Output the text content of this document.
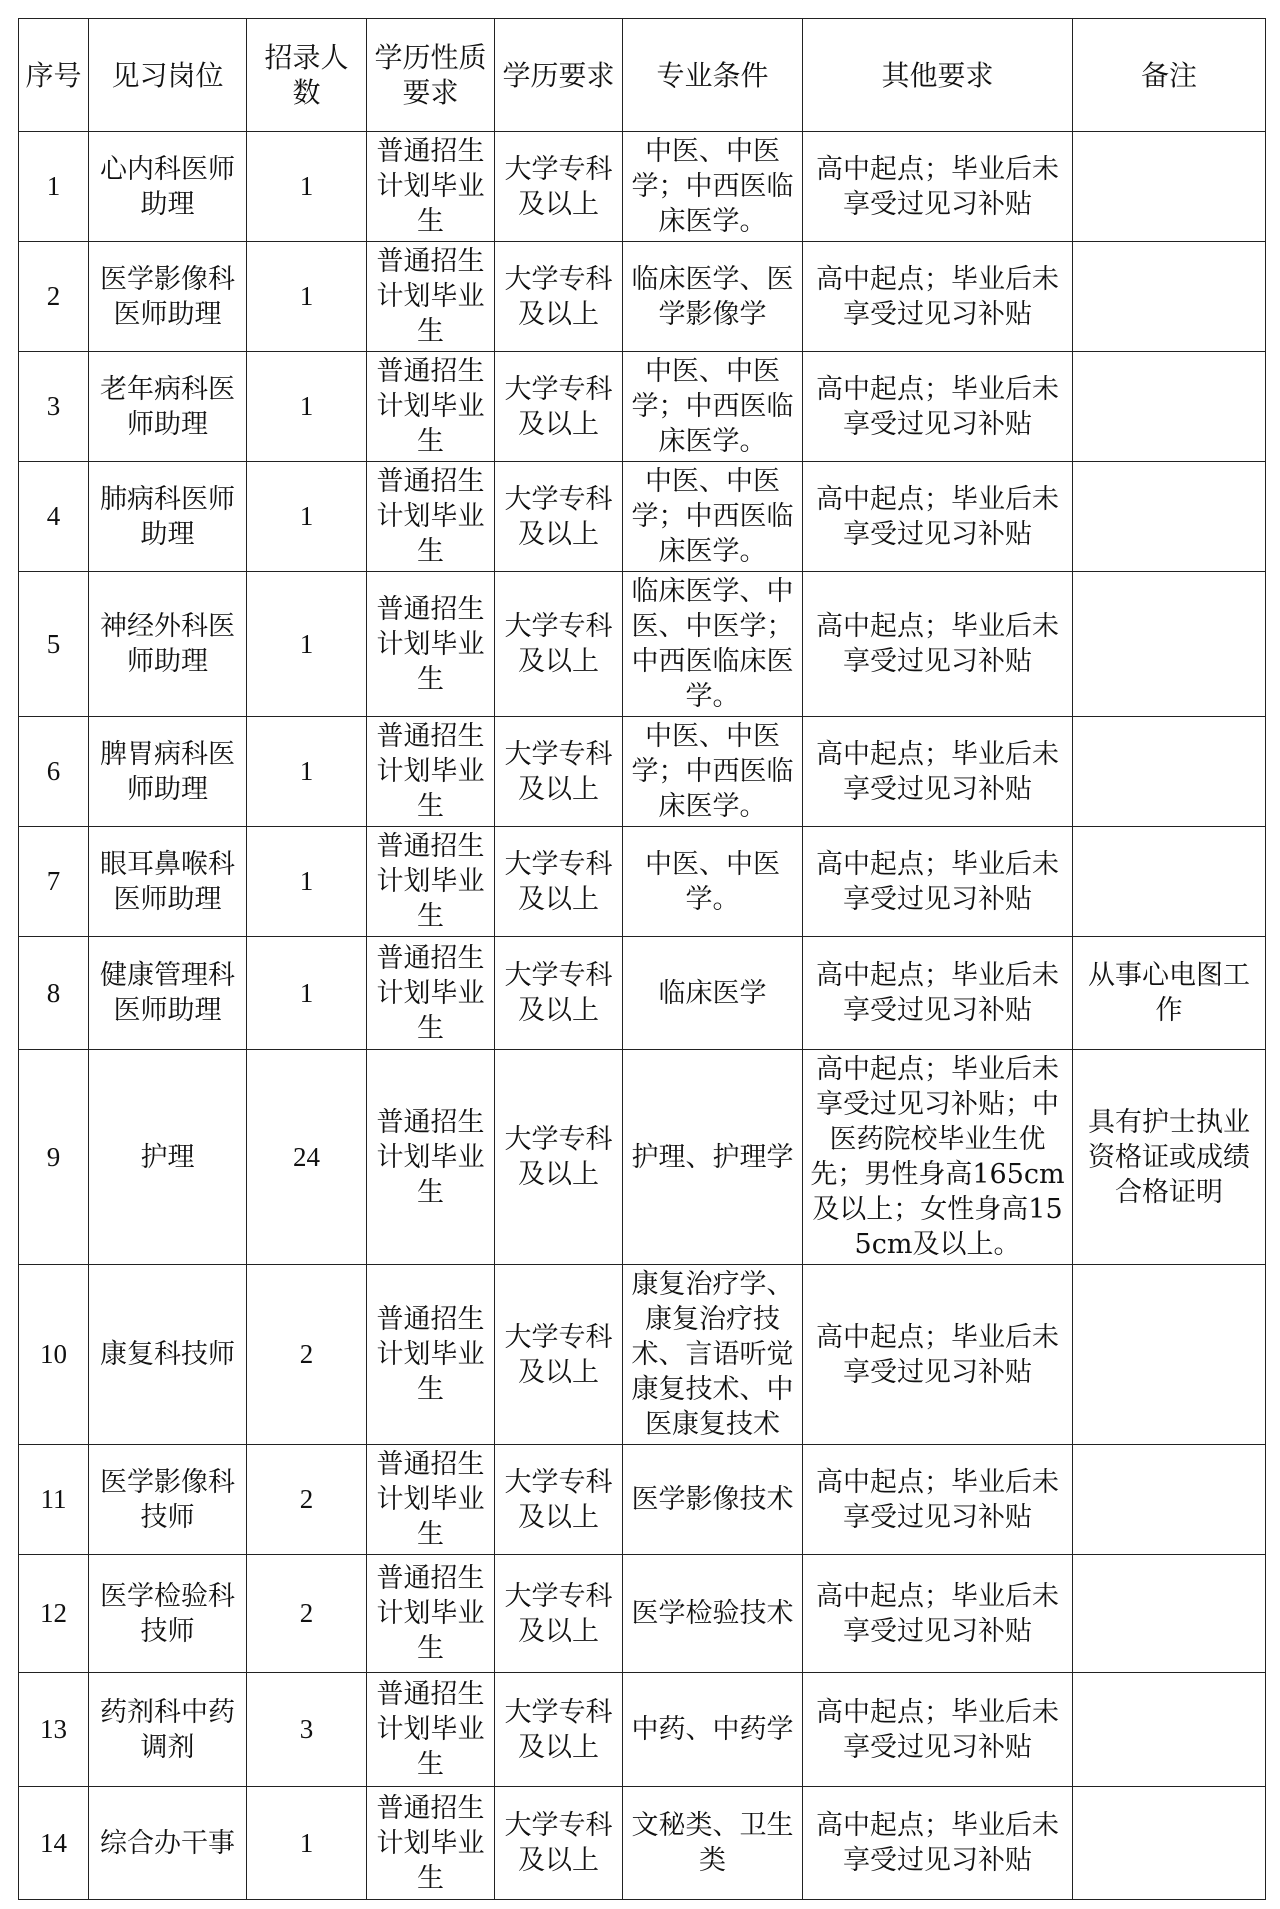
序号	见习岗位	招录人数	学历性质要求	学历要求	专业条件	其他要求	备注
1	心内科医师助理	1	普通招生计划毕业生	大学专科及以上	中医、中医学；中西医临床医学。	高中起点；毕业后未享受过见习补贴	
2	医学影像科医师助理	1	普通招生计划毕业生	大学专科及以上	临床医学、医学影像学	高中起点；毕业后未享受过见习补贴	
3	老年病科医师助理	1	普通招生计划毕业生	大学专科及以上	中医、中医学；中西医临床医学。	高中起点；毕业后未享受过见习补贴	
4	肺病科医师助理	1	普通招生计划毕业生	大学专科及以上	中医、中医学；中西医临床医学。	高中起点；毕业后未享受过见习补贴	
5	神经外科医师助理	1	普通招生计划毕业生	大学专科及以上	临床医学、中医、中医学；中西医临床医学。	高中起点；毕业后未享受过见习补贴	
6	脾胃病科医师助理	1	普通招生计划毕业生	大学专科及以上	中医、中医学；中西医临床医学。	高中起点；毕业后未享受过见习补贴	
7	眼耳鼻喉科医师助理	1	普通招生计划毕业生	大学专科及以上	中医、中医学。	高中起点；毕业后未享受过见习补贴	
8	健康管理科医师助理	1	普通招生计划毕业生	大学专科及以上	临床医学	高中起点；毕业后未享受过见习补贴	从事心电图工作
9	护理	24	普通招生计划毕业生	大学专科及以上	护理、护理学	高中起点；毕业后未享受过见习补贴；中医药院校毕业生优先；男性身高165cm及以上；女性身高155cm及以上。	具有护士执业资格证或成绩合格证明
10	康复科技师	2	普通招生计划毕业生	大学专科及以上	康复治疗学、康复治疗技术、言语听觉康复技术、中医康复技术	高中起点；毕业后未享受过见习补贴	
11	医学影像科技师	2	普通招生计划毕业生	大学专科及以上	医学影像技术	高中起点；毕业后未享受过见习补贴	
12	医学检验科技师	2	普通招生计划毕业生	大学专科及以上	医学检验技术	高中起点；毕业后未享受过见习补贴	
13	药剂科中药调剂	3	普通招生计划毕业生	大学专科及以上	中药、中药学	高中起点；毕业后未享受过见习补贴	
14	综合办干事	1	普通招生计划毕业生	大学专科及以上	文秘类、卫生类	高中起点；毕业后未享受过见习补贴	
